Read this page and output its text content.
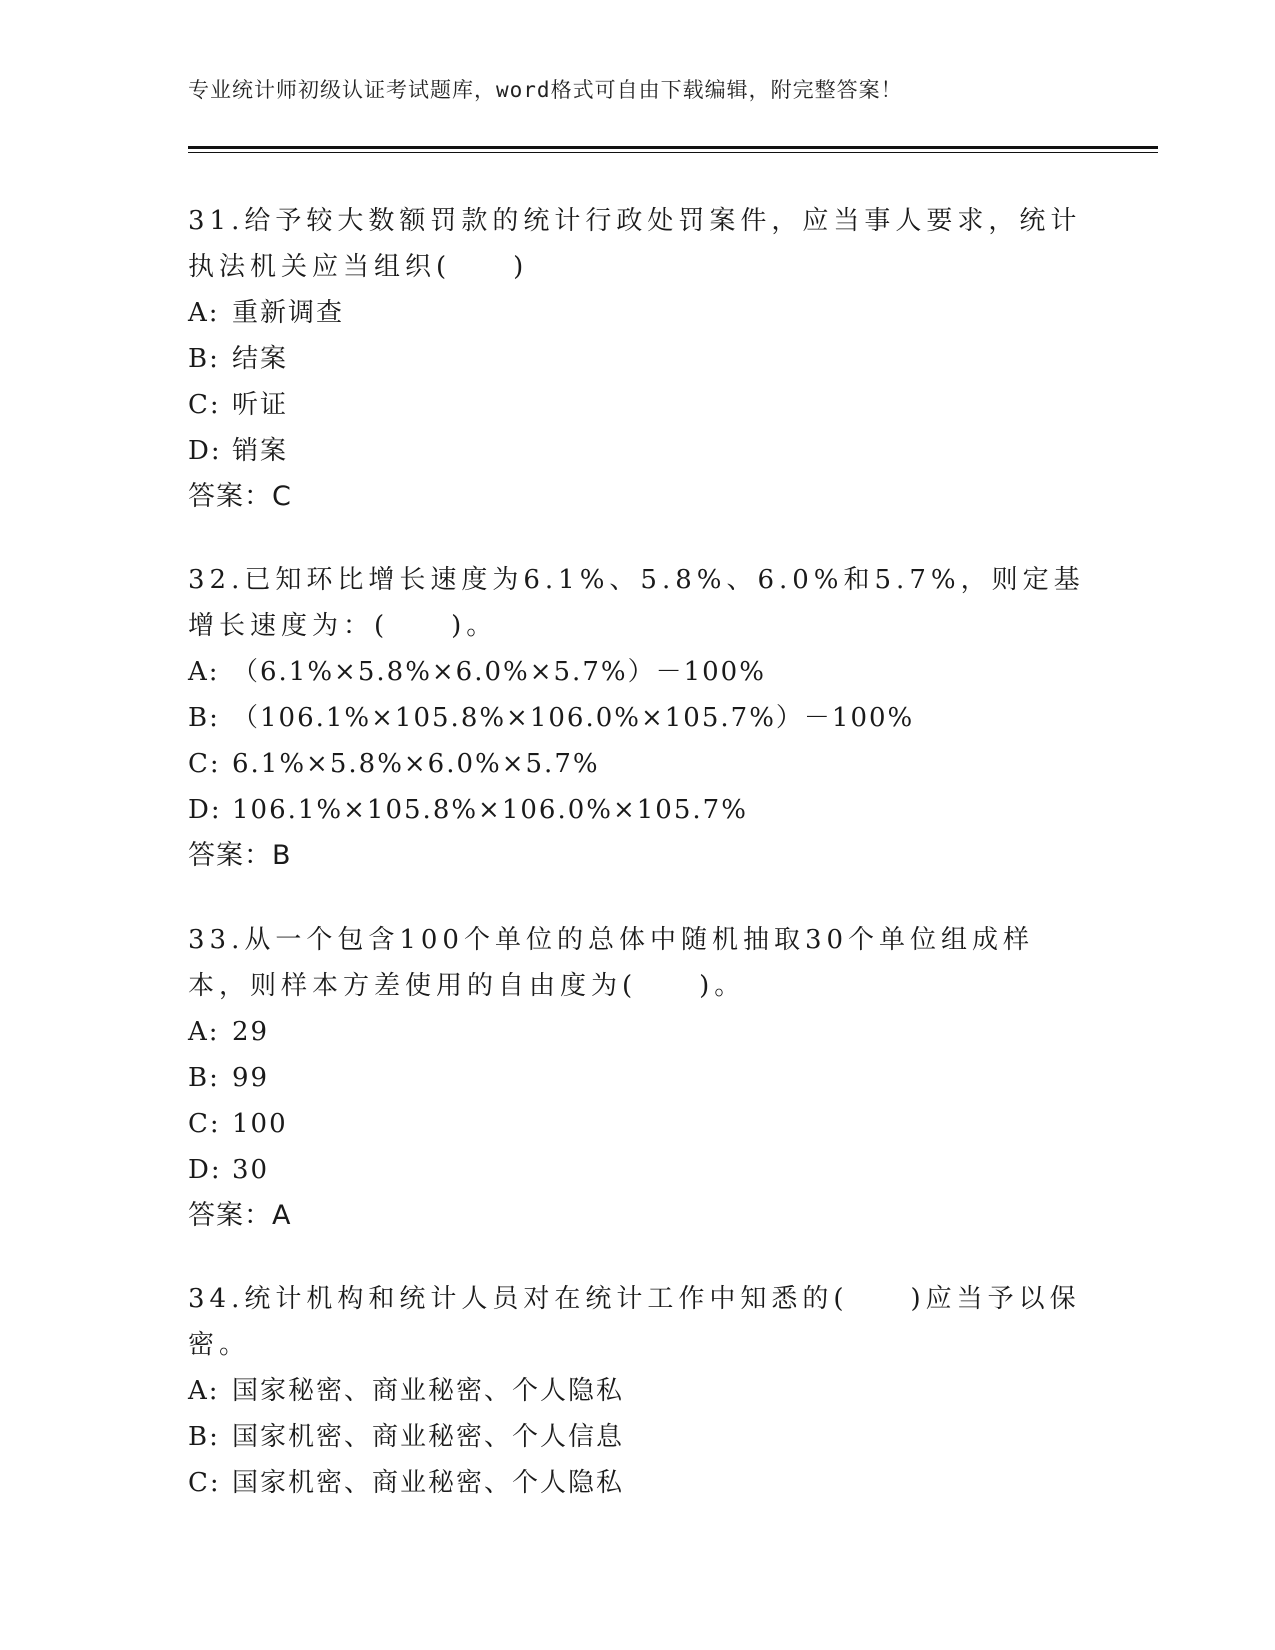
专业统计师初级认证考试题库，word格式可自由下载编辑，附完整答案！

31.给予较大数额罚款的统计行政处罚案件，应当事人要求，统计执法机关应当组织(　　)

A: 重新调查
B: 结案
C: 听证
D: 销案
答案：C

32.已知环比增长速度为6.1%、5.8%、6.0%和5.7%，则定基增长速度为：(　　)。

A: （6.1%×5.8%×6.0%×5.7%）－100%
B: （106.1%×105.8%×106.0%×105.7%）－100%
C: 6.1%×5.8%×6.0%×5.7%
D: 106.1%×105.8%×106.0%×105.7%
答案：B

33.从一个包含100个单位的总体中随机抽取30个单位组成样本，则样本方差使用的自由度为(　　)。

A: 29
B: 99
C: 100
D: 30
答案：A

34.统计机构和统计人员对在统计工作中知悉的(　　)应当予以保密。

A: 国家秘密、商业秘密、个人隐私
B: 国家机密、商业秘密、个人信息
C: 国家机密、商业秘密、个人隐私
